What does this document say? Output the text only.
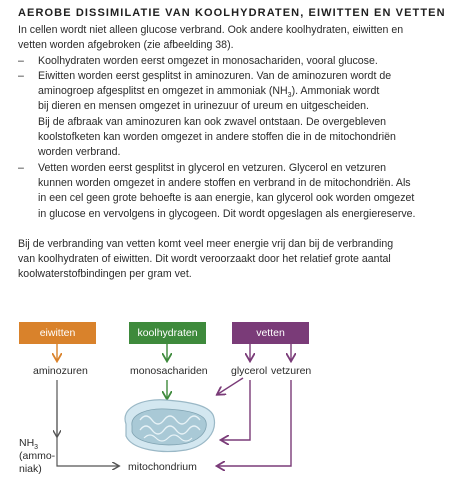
AEROBE DISSIMILATIE VAN KOOLHYDRATEN, EIWITTEN EN VETTEN

In cellen wordt niet alleen glucose verbrand. Ook andere koolhydraten, eiwitten en

vetten worden afgebroken (zie afbeelding 38).

– Koolhydraten worden eerst omgezet in monosachariden, vooral glucose.
– Eiwitten worden eerst gesplitst in aminozuren. Van de aminozuren wordt de
aminogroep afgesplitst en omgezet in ammoniak $(NH_3)$. Ammoniak wordt
bij dieren en mensen omgezet in urinezuur of ureum en uitgescheiden.
Bij de afbraak van aminozuren kan ook zwavel ontstaan. De overgebleven
koolstofketen kan worden omgezet in andere stoffen die in de mitochondriën
worden verbrand.
– Vetten worden eerst gesplitst in glycerol en vetzuren. Glycerol en vetzuren
kunnen worden omgezet in andere stoffen en verbrand in de mitochondriën. Als
in een cel geen grote behoefte is aan energie, kan glycerol ook worden omgezet
in glucose en vervolgens in glycogeen. Dit wordt opgeslagen als energiereserve.

Bij de verbranding van vetten komt veel meer energie vrij dan bij de verbranding

van koolhydraten of eiwitten. Dit wordt veroorzaakt door het relatief grote aantal

koolwaterstofbindingen per gram vet.

eiwitten	koolhydraten	vetten
aminozuren	monosachariden glycerol vetzuren
$NH_3$
(ammo-
niak)	mitochondrium
